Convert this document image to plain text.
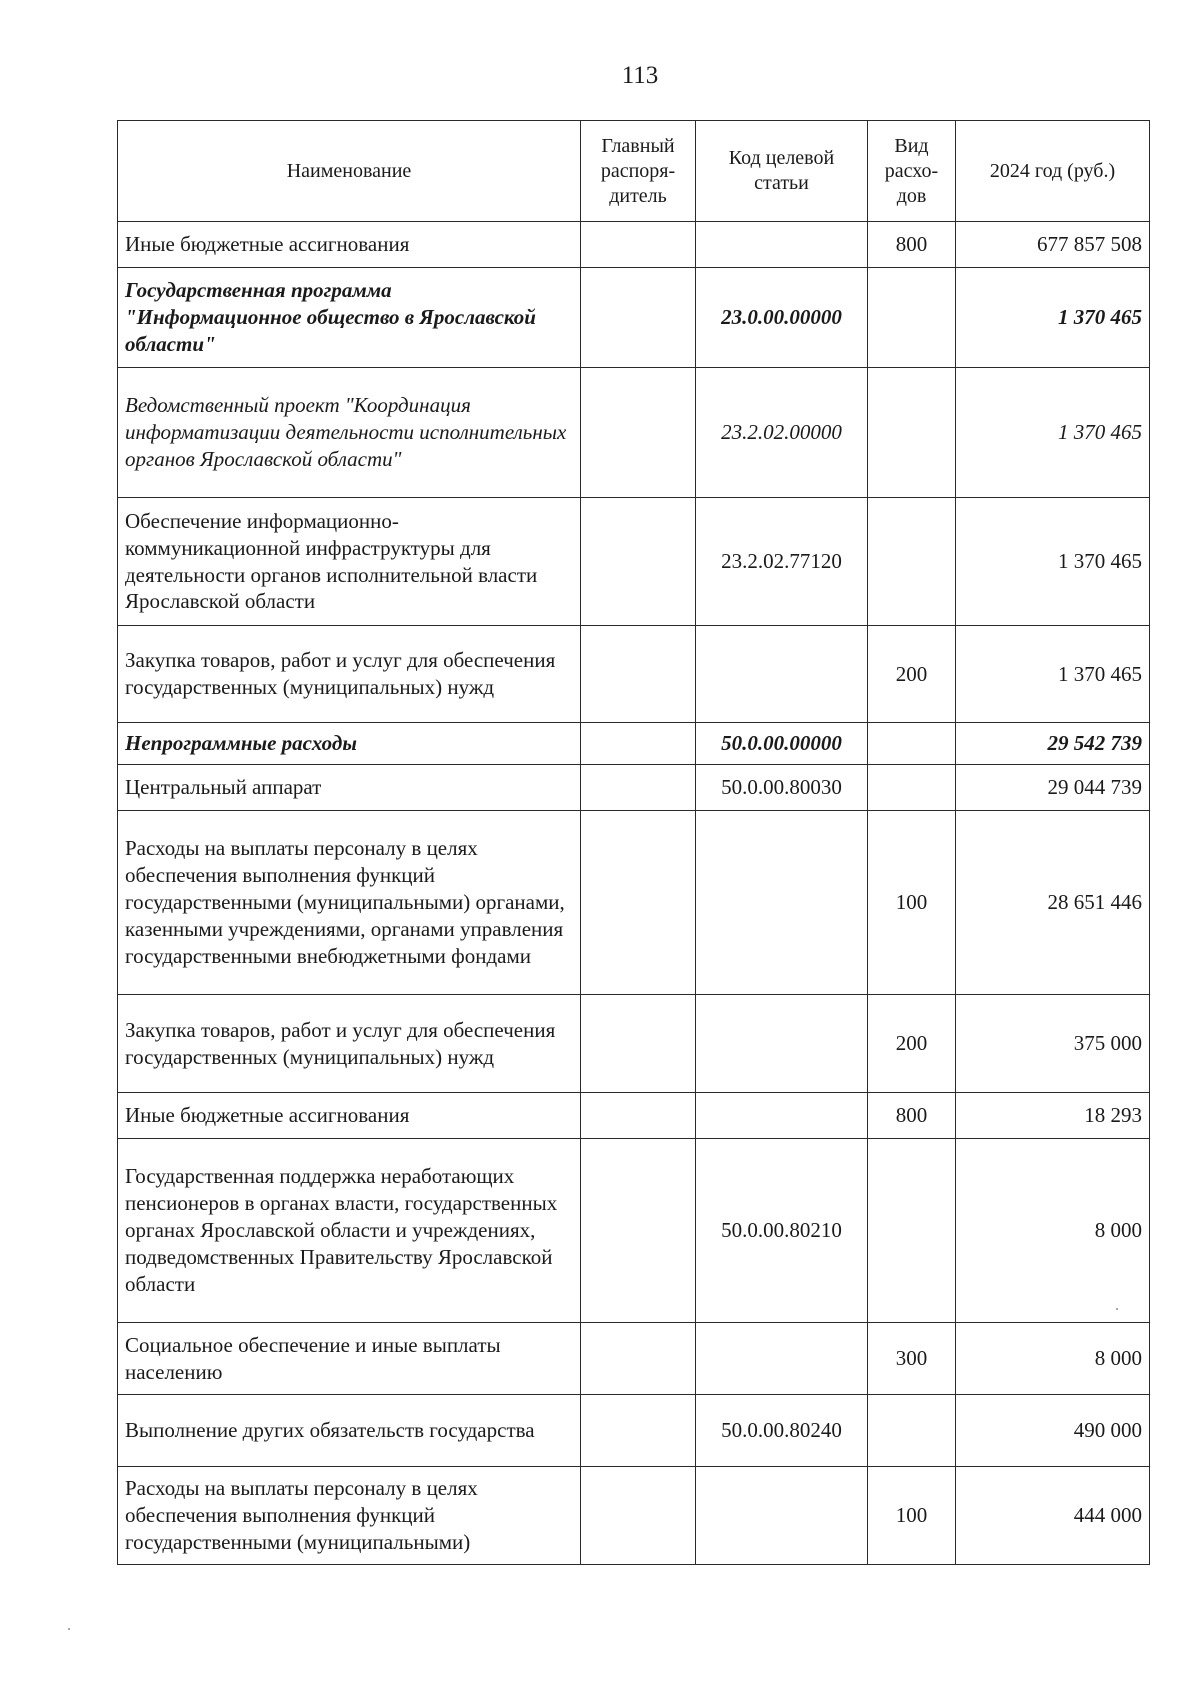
113
Наименование	Главный распоря-дитель	Код целевой статьи	Вид расхо-дов	2024 год (руб.)
Иные бюджетные ассигнования			800	677 857 508
Государственная программа "Информационное общество в Ярославской области"		23.0.00.00000		1 370 465
Ведомственный проект "Координация информатизации деятельности исполнительных органов Ярославской области"		23.2.02.00000		1 370 465
Обеспечение информационно-коммуникационной инфраструктуры для деятельности органов исполнительной власти Ярославской области		23.2.02.77120		1 370 465
Закупка товаров, работ и услуг для обеспечения государственных (муниципальных) нужд			200	1 370 465
Непрограммные расходы		50.0.00.00000		29 542 739
Центральный аппарат		50.0.00.80030		29 044 739
Расходы на выплаты персоналу в целях обеспечения выполнения функций государственными (муниципальными) органами, казенными учреждениями, органами управления государственными внебюджетными фондами			100	28 651 446
Закупка товаров, работ и услуг для обеспечения государственных (муниципальных) нужд			200	375 000
Иные бюджетные ассигнования			800	18 293
Государственная поддержка неработающих пенсионеров в органах власти, государственных органах Ярославской области и учреждениях, подведомственных Правительству Ярославской области		50.0.00.80210		8 000
Социальное обеспечение и иные выплаты населению			300	8 000
Выполнение других обязательств государства		50.0.00.80240		490 000
Расходы на выплаты персоналу в целях обеспечения выполнения функций государственными (муниципальными)			100	444 000
